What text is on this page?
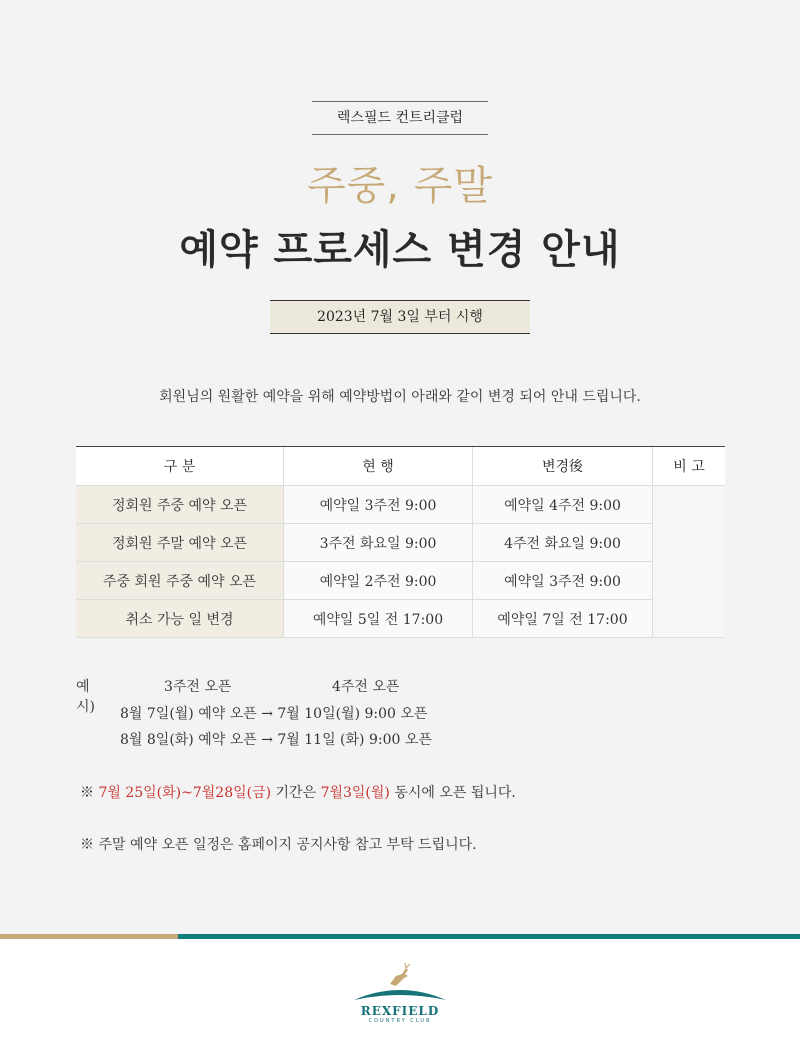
렉스필드 컨트리클럽
주중, 주말
예약 프로세스 변경 안내
2023년 7월 3일 부터 시행
회원님의 원활한 예약을 위해 예약방법이 아래와 같이 변경 되어 안내 드립니다.
구 분	현 행	변경後	비 고
정회원 주중 예약 오픈	예약일 3주전 9:00	예약일 4주전 9:00	
정회원 주말 예약 오픈	3주전 화요일 9:00	4주전 화요일 9:00	
주중 회원 주중 예약 오픈	예약일 2주전 9:00	예약일 3주전 9:00	
취소 가능 일 변경	예약일 5일 전 17:00	예약일 7일 전 17:00	
예시)
3주전 오픈	4주전 오픈
8월 7일(월) 예약 오픈 → 7월 10일(월) 9:00 오픈
8월 8일(화) 예약 오픈 → 7월 11일 (화) 9:00 오픈
※ 7월 25일(화)~7월28일(금) 기간은 7월3일(월) 동시에 오픈 됩니다.
※ 주말 예약 오픈 일정은 홈페이지 공지사항 참고 부탁 드립니다.
REXFIELD
COUNTRY CLUB
